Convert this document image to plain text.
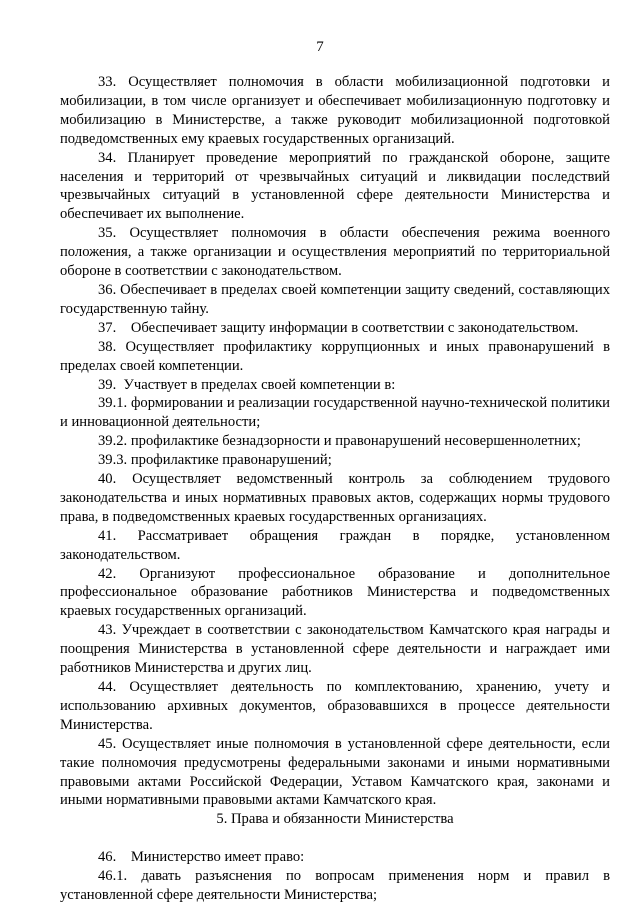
7

33. Осуществляет полномочия в области мобилизационной подготовки и мобилизации, в том числе организует и обеспечивает мобилизационную подготовку и мобилизацию в Министерстве, а также руководит мобилизационной подготовкой подведомственных ему краевых государственных организаций.

34. Планирует проведение мероприятий по гражданской обороне, защите населения и территорий от чрезвычайных ситуаций и ликвидации последствий чрезвычайных ситуаций в установленной сфере деятельности Министерства и обеспечивает их выполнение.

35. Осуществляет полномочия в области обеспечения режима военного положения, а также организации и осуществления мероприятий по территориальной обороне в соответствии с законодательством.

36. Обеспечивает в пределах своей компетенции защиту сведений, составляющих государственную тайну.

37.    Обеспечивает защиту информации в соответствии с законодательством.

38. Осуществляет профилактику коррупционных и иных правонарушений в пределах своей компетенции.

39.  Участвует в пределах своей компетенции в:

39.1. формировании и реализации государственной научно-технической политики и инновационной деятельности;

39.2. профилактике безнадзорности и правонарушений несовершеннолетних;

39.3. профилактике правонарушений;

40. Осуществляет ведомственный контроль за соблюдением трудового законодательства и иных нормативных правовых актов, содержащих нормы трудового права, в подведомственных краевых государственных организациях.

41. Рассматривает обращения граждан в порядке, установленном законодательством.

42. Организуют профессиональное образование и дополнительное профессиональное образование работников Министерства и подведомственных краевых государственных организаций.

43. Учреждает в соответствии с законодательством Камчатского края награды и поощрения Министерства в установленной сфере деятельности и награждает ими работников Министерства и других лиц.

44. Осуществляет деятельность по комплектованию, хранению, учету и использованию архивных документов, образовавшихся в процессе деятельности Министерства.

45. Осуществляет иные полномочия в установленной сфере деятельности, если такие полномочия предусмотрены федеральными законами и иными нормативными правовыми актами Российской Федерации, Уставом Камчатского края, законами и иными нормативными правовыми актами Камчатского края.

5. Права и обязанности Министерства

46.    Министерство имеет право:

46.1. давать разъяснения по вопросам применения норм и правил в установленной сфере деятельности Министерства;
